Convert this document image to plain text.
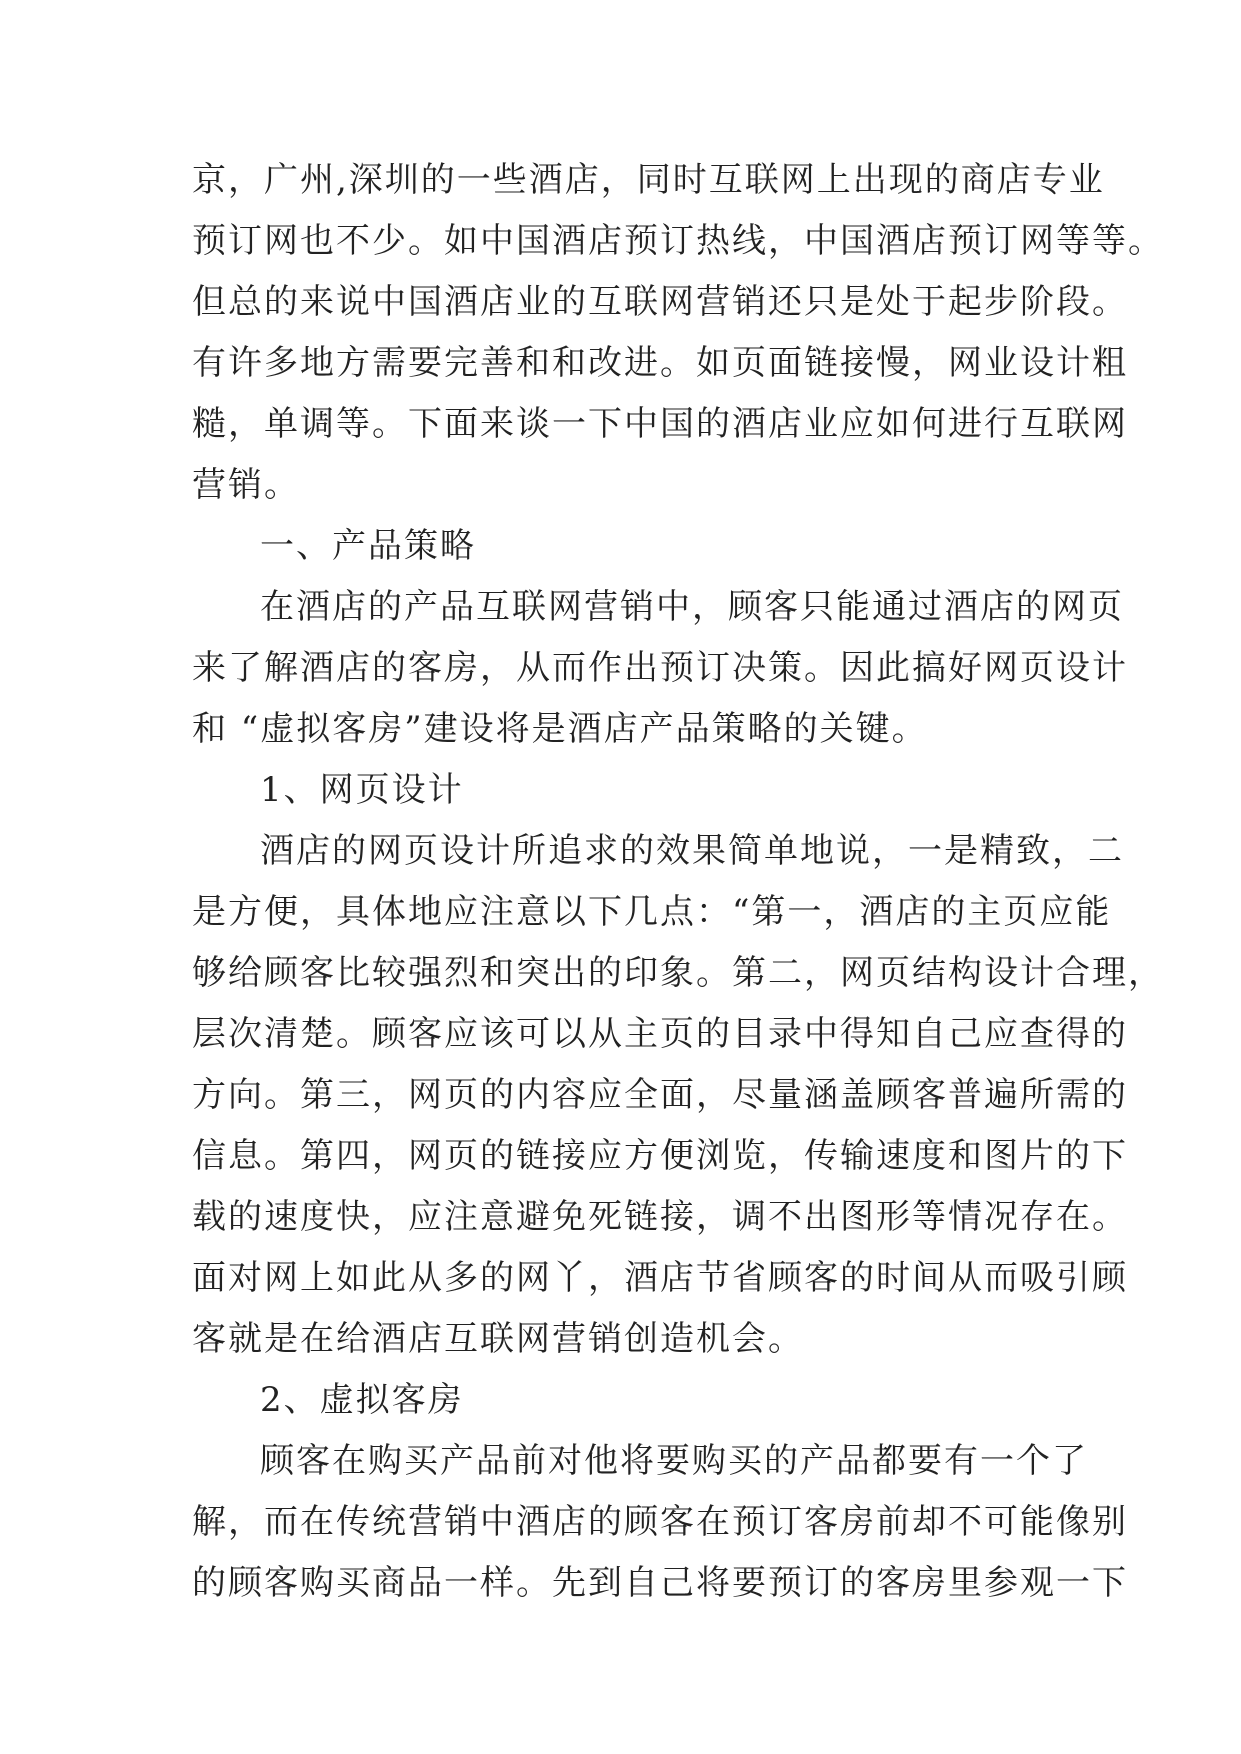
京，广州,深圳的一些酒店，同时互联网上出现的商店专业
预订网也不少。如中国酒店预订热线，中国酒店预订网等等。
但总的来说中国酒店业的互联网营销还只是处于起步阶段。
有许多地方需要完善和和改进。如页面链接慢，网业设计粗
糙，单调等。下面来谈一下中国的酒店业应如何进行互联网
营销。
一、产品策略
在酒店的产品互联网营销中，顾客只能通过酒店的网页
来了解酒店的客房，从而作出预订决策。因此搞好网页设计
和 “虚拟客房”建设将是酒店产品策略的关键。
1、网页设计
酒店的网页设计所追求的效果简单地说，一是精致，二
是方便，具体地应注意以下几点：“第一，酒店的主页应能
够给顾客比较强烈和突出的印象。第二，网页结构设计合理，
层次清楚。顾客应该可以从主页的目录中得知自己应查得的
方向。第三，网页的内容应全面，尽量涵盖顾客普遍所需的
信息。第四，网页的链接应方便浏览，传输速度和图片的下
载的速度快，应注意避免死链接，调不出图形等情况存在。
面对网上如此从多的网丫，酒店节省顾客的时间从而吸引顾
客就是在给酒店互联网营销创造机会。
2、虚拟客房
顾客在购买产品前对他将要购买的产品都要有一个了
解，而在传统营销中酒店的顾客在预订客房前却不可能像别
的顾客购买商品一样。先到自己将要预订的客房里参观一下
